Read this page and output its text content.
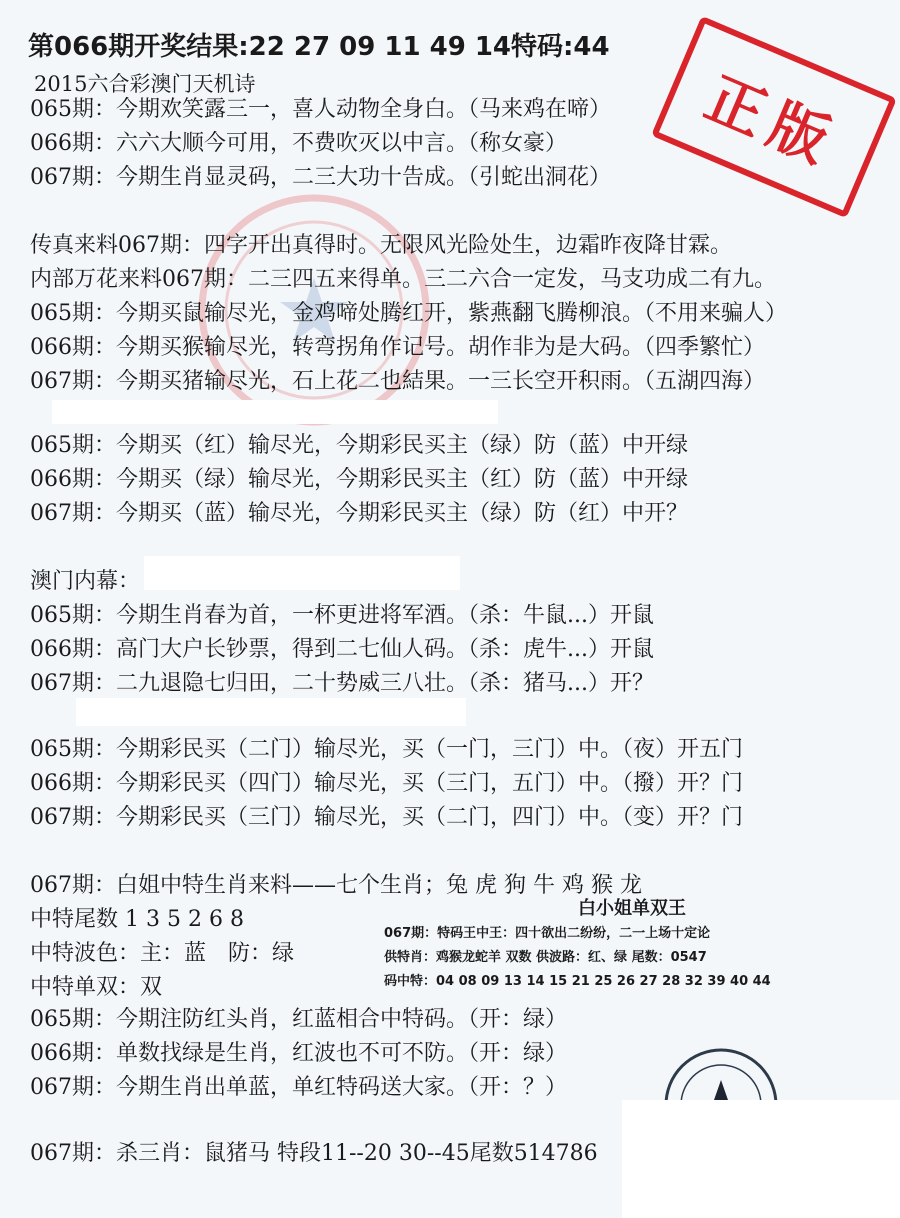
第066期开奖结果:22 27 09 11 49 14特码:44
2015六合彩澳门天机诗	正版
065期：今期欢笑露三一，喜人动物全身白。（马来鸡在啼）
066期：六六大顺今可用，不费吹灭以中言。（称女豪）
067期：今期生肖显灵码，二三大功十告成。（引蛇出洞花）
传真来料067期：四字开出真得时。无限风光险处生，边霜昨夜降甘霖。
内部万花来料067期：二三四五来得单。三二六合一定发，马支功成二有九。
065期：今期买鼠输尽光，金鸡啼处腾红开，紫燕翻飞腾柳浪。（不用来骗人）
066期：今期买猴输尽光，转弯拐角作记号。胡作非为是大码。（四季繁忙）
067期：今期买猪输尽光，石上花二也結果。一三长空开积雨。（五湖四海）
065期：今期买（红）输尽光，今期彩民买主（绿）防（蓝）中开绿
066期：今期买（绿）输尽光，今期彩民买主（红）防（蓝）中开绿
067期：今期买（蓝）输尽光，今期彩民买主（绿）防（红）中开？
澳门内幕：
065期：今期生肖春为首，一杯更进将军酒。（杀：牛鼠...）开鼠
066期：高门大户长钞票，得到二七仙人码。（杀：虎牛...）开鼠
067期：二九退隐七归田，二十势威三八壮。（杀：猪马...）开？
065期：今期彩民买（二门）输尽光，买（一门，三门）中。（夜）开五门
066期：今期彩民买（四门）输尽光，买（三门，五门）中。（撥）开？门
067期：今期彩民买（三门）输尽光，买（二门，四门）中。（变）开？门
067期：白姐中特生肖来料——七个生肖；兔 虎 狗 牛 鸡 猴 龙
中特尾数 1 3 5 2 6 8
中特波色：主：蓝　防：绿
中特单双：双
白小姐单双王
067期：特码王中王：四十欲出二纷纷，二一上场十定论
供特肖：鸡猴龙蛇羊 双数 供波路：红、绿 尾数：0547
码中特：04 08 09 13 14 15 21 25 26 27 28 32 39 40 44
065期：今期注防红头肖，红蓝相合中特码。（开：绿）
066期：单数找绿是生肖，红波也不可不防。（开：绿）
067期：今期生肖出单蓝，单红特码送大家。（开：？）
067期：杀三肖：鼠猪马 特段11--20 30--45尾数514786
